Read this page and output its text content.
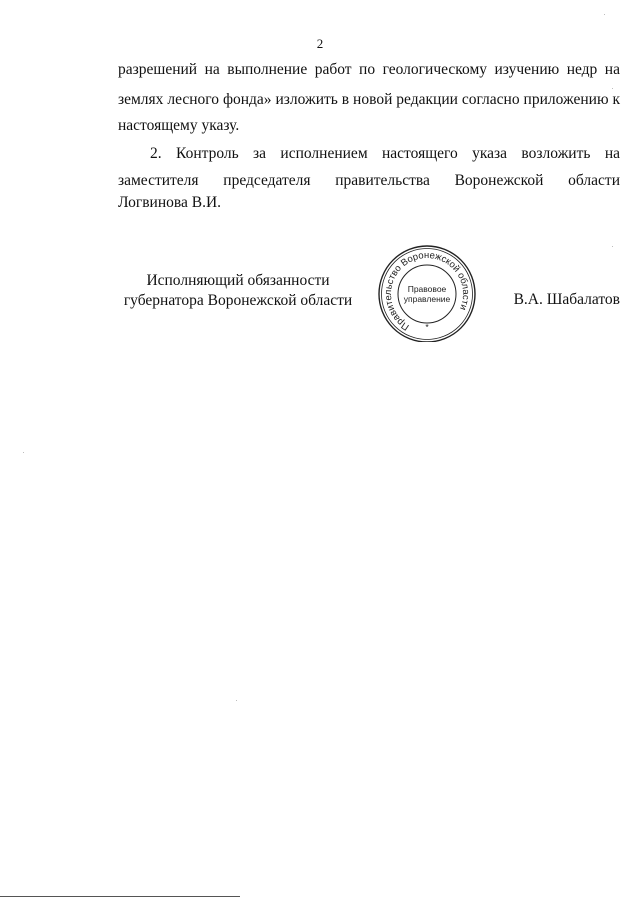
2
разрешений на выполнение работ по геологическому изучению недр на
землях лесного фонда» изложить в новой редакции согласно приложению к
настоящему указу.
2. Контроль за исполнением настоящего указа возложить на
заместителя председателя правительства Воронежской области
Логвинова В.И.
Исполняющий обязанности
губернатора Воронежской области
Правительство Воронежской области
Правовое
управление
*
В.А. Шабалатов
